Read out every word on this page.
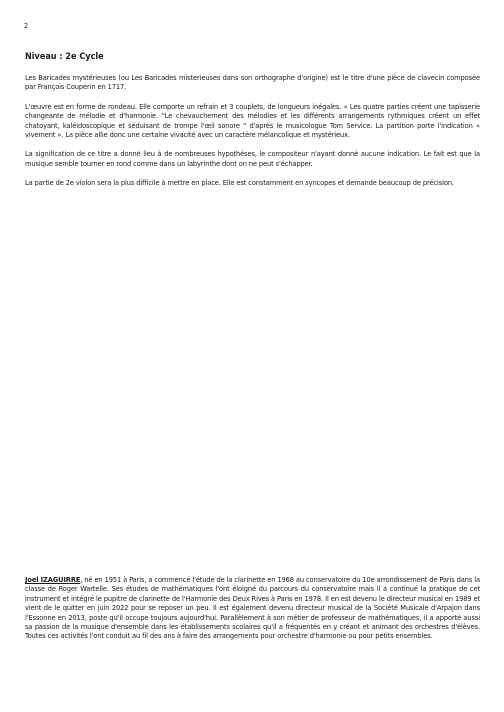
2
Niveau : 2e Cycle

Les Baricades mystérieuses (ou Les Baricades misterieuses dans son orthographe d'origine) est le titre d'une pièce de clavecin composée par François Couperin en 1717.

L'œuvre est en forme de rondeau. Elle comporte un refrain et 3 couplets, de longueurs inégales. « Les quatre parties créent une tapisserie changeante de mélodie et d'harmonie. "Le chevauchement des mélodies et les différents arrangements rythmiques créent un effet chatoyant, kaléidoscopique et séduisant de trompe l'œil sonore " d'après le musicologue Tom Service. La partition porte l'indication « vivement ». La pièce allie donc une certaine vivacité avec un caractère mélancolique et mystérieux.

La signification de ce titre a donné lieu à de nombreuses hypothèses, le compositeur n'ayant donné aucune indication. Le fait est que la musique semble tourner en rond comme dans un labyrinthe dont on ne peut s'échapper.

La partie de 2e violon sera la plus difficile à mettre en place. Elle est constamment en syncopes et demande beaucoup de précision.

Joel IZAGUIRRE, né en 1951 à Paris, a commencé l'étude de la clarinette en 1968 au conservatoire du 10e arrondissement de Paris dans la classe de Roger Wartelle. Ses études de mathématiques l'ont éloigné du parcours du conservatoire mais il a continué la pratique de cet instrument et intégré le pupitre de clarinette de l'Harmonie des Deux Rives à Paris en 1978. Il en est devenu le directeur musical en 1989 et vient de le quitter en juin 2022 pour se reposer un peu. Il est également devenu directeur musical de la Société Musicale d'Arpajon dans l'Essonne en 2013, poste qu'il occupe toujours aujourd'hui. Parallèlement à son métier de professeur de mathématiques, il a apporté aussi sa passion de la musique d'ensemble dans les établissements scolaires qu'il a fréquentés en y créant et animant des orchestres d'élèves. Toutes ces activités l'ont conduit au fil des ans à faire des arrangements pour orchestre d'harmonie ou pour petits ensembles.
